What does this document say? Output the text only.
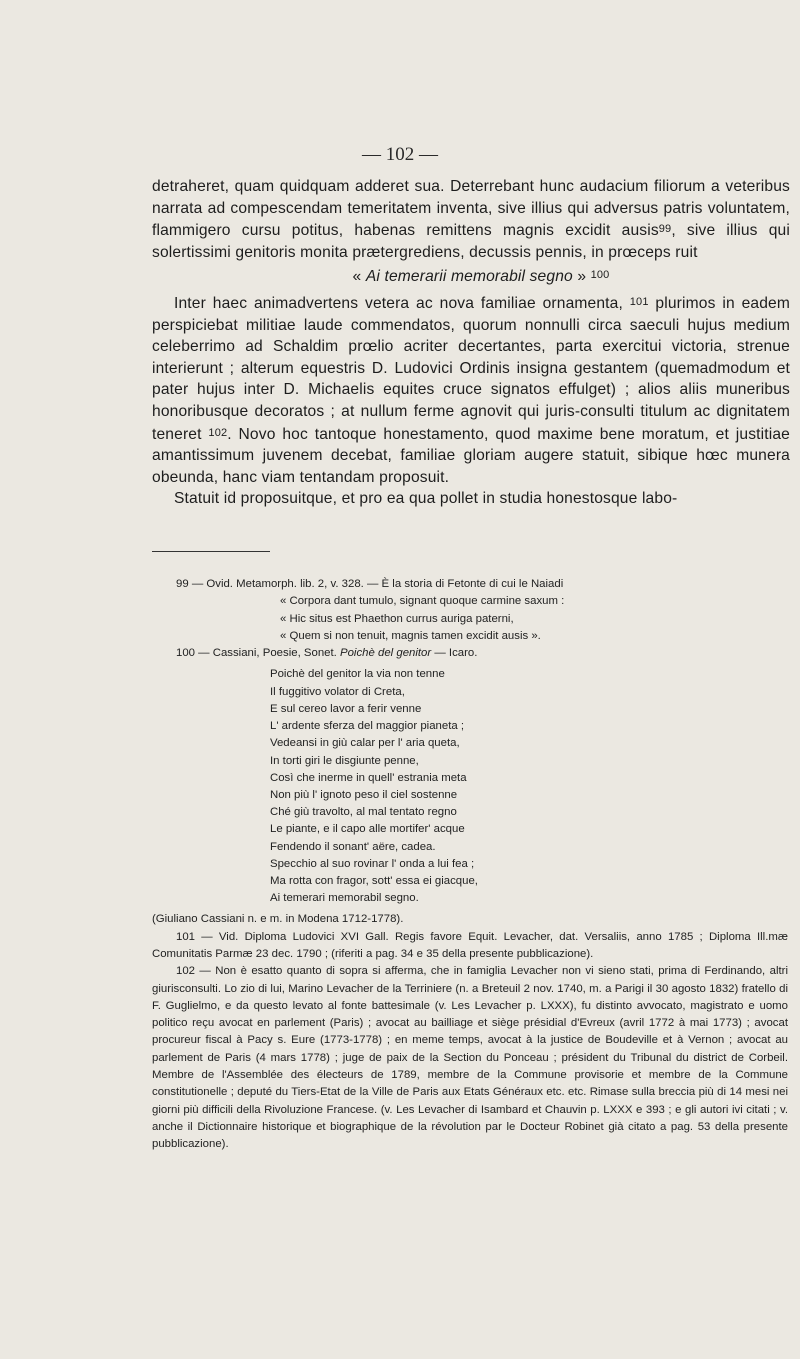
— 102 —

detraheret, quam quidquam adderet sua. Deterrebant hunc audacium filiorum a veteribus narrata ad compescendam temeritatem inventa, sive illius qui adversus patris voluntatem, flammigero cursu potitus, habenas remittens magnis excidit ausis$^{99}$, sive illius qui solertissimi genitoris monita prætergrediens, decussis pennis, in prœceps ruit

« Ai temerarii memorabil segno » $^{100}$

Inter haec animadvertens vetera ac nova familiae ornamenta, $^{101}$ plurimos in eadem perspiciebat militiae laude commendatos, quorum nonnulli circa saeculi hujus medium celeberrimo ad Schaldim prœlio acriter decertantes, parta exercitui victoria, strenue interierunt ; alterum equestris D. Ludovici Ordinis insigna gestantem (quemadmodum et pater hujus inter D. Michaelis equites cruce signatos effulget) ; alios aliis muneribus honoribusque decoratos ; at nullum ferme agnovit qui juris-consulti titulum ac dignitatem teneret $^{102}$. Novo hoc tantoque honestamento, quod maxime bene moratum, et justitiae amantissimum juvenem decebat, familiae gloriam augere statuit, sibique hœc munera obeunda, hanc viam tentandam proposuit.

Statuit id proposuitque, et pro ea qua pollet in studia honestosque labo-

99 — Ovid. Metamorph. lib. 2, v. 328. — È la storia di Fetonte di cui le Naiadi

« Corpora dant tumulo, signant quoque carmine saxum :

« Hic situs est Phaethon currus auriga paterni,

« Quem si non tenuit, magnis tamen excidit ausis ».

100 — Cassiani, Poesie, Sonet. Poichè del genitor — Icaro.

Poichè del genitor la via non tenne

Il fuggitivo volator di Creta,

E sul cereo lavor a ferir venne

L' ardente sferza del maggior pianeta ;

Vedeansi in giù calar per l' aria queta,

In torti giri le disgiunte penne,

Così che inerme in quell' estrania meta

Non più l' ignoto peso il ciel sostenne

Ché giù travolto, al mal tentato regno

Le piante, e il capo alle mortifer' acque

Fendendo il sonant' aëre, cadea.

Specchio al suo rovinar l' onda a lui fea ;

Ma rotta con fragor, sott' essa ei giacque,

Ai temerari memorabil segno.

(Giuliano Cassiani n. e m. in Modena 1712-1778).

101 — Vid. Diploma Ludovici XVI Gall. Regis favore Equit. Levacher, dat. Versaliis, anno 1785 ; Diploma Ill.mæ Comunitatis Parmæ 23 dec. 1790 ; (riferiti a pag. 34 e 35 della presente pubblicazione).

102 — Non è esatto quanto di sopra si afferma, che in famiglia Levacher non vi sieno stati, prima di Ferdinando, altri giurisconsulti. Lo zio di lui, Marino Levacher de la Terriniere (n. a Breteuil 2 nov. 1740, m. a Parigi il 30 agosto 1832) fratello di F. Guglielmo, e da questo levato al fonte battesimale (v. Les Levacher p. LXXX), fu distinto avvocato, magistrato e uomo politico reçu avocat en parlement (Paris) ; avocat au bailliage et siège présidial d'Evreux (avril 1772 à mai 1773) ; avocat procureur fiscal à Pacy s. Eure (1773-1778) ; en meme temps, avocat à la justice de Boudeville et à Vernon ; avocat au parlement de Paris (4 mars 1778) ; juge de paix de la Section du Ponceau ; président du Tribunal du district de Corbeil. Membre de l'Assemblée des électeurs de 1789, membre de la Commune provisorie et membre de la Commune constitutionelle ; deputé du Tiers-Etat de la Ville de Paris aux Etats Généraux etc. etc. Rimase sulla breccia più di 14 mesi nei giorni più difficili della Rivoluzione Francese. (v. Les Levacher di Isambard et Chauvin p. LXXX e 393 ; e gli autori ivi citati ; v. anche il Dictionnaire historique et biographique de la révolution par le Docteur Robinet già citato a pag. 53 della presente pubblicazione).
